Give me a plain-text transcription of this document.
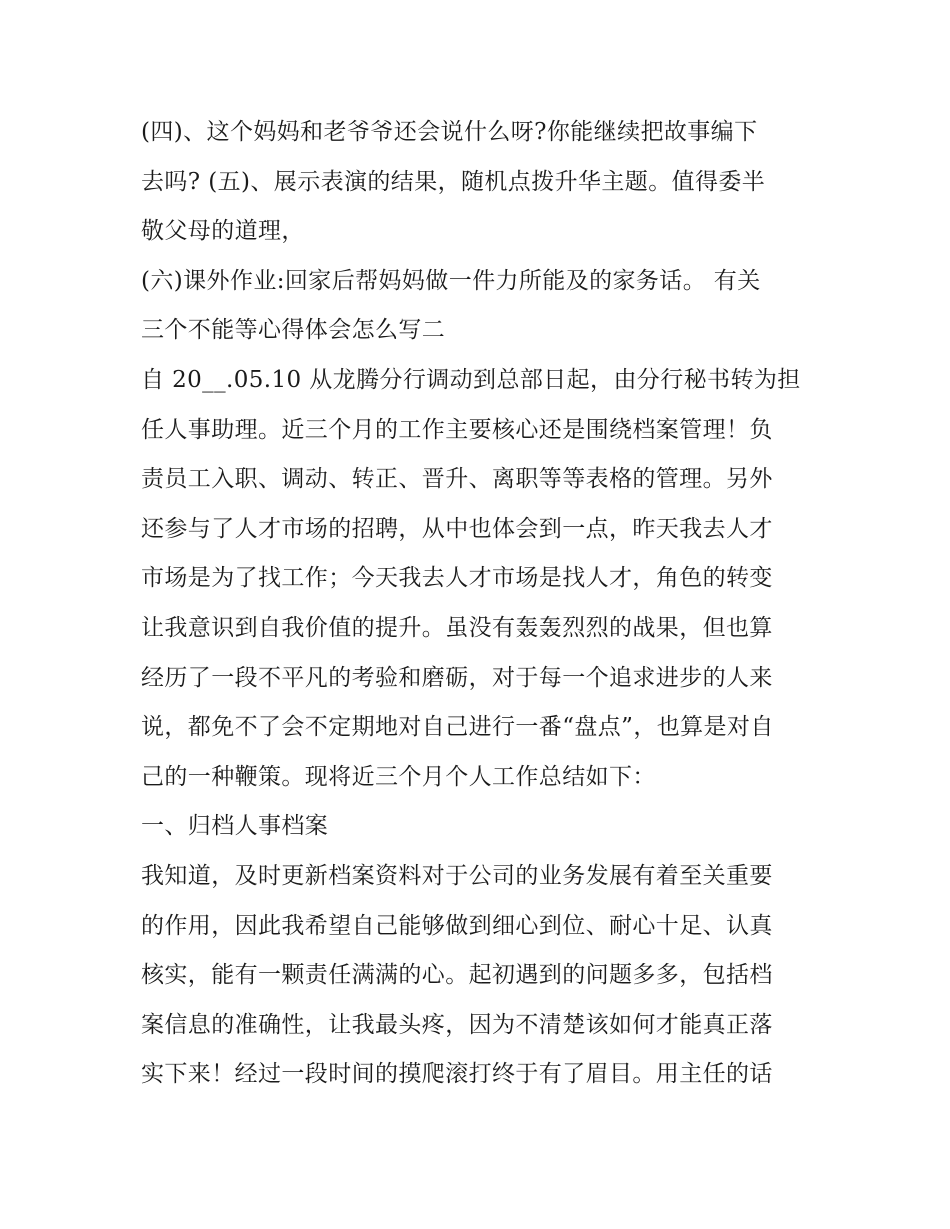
(四)、这个妈妈和老爷爷还会说什么呀?你能继续把故事编下
去吗? (五)、展示表演的结果，随机点拨升华主题。值得委半
敬父母的道理，
(六)课外作业:回家后帮妈妈做一件力所能及的家务话。 有关
三个不能等心得体会怎么写二
自 20__.05.10 从龙腾分行调动到总部日起，由分行秘书转为担
任人事助理。近三个月的工作主要核心还是围绕档案管理！负
责员工入职、调动、转正、晋升、离职等等表格的管理。另外
还参与了人才市场的招聘，从中也体会到一点，昨天我去人才
市场是为了找工作；今天我去人才市场是找人才，角色的转变
让我意识到自我价值的提升。虽没有轰轰烈烈的战果，但也算
经历了一段不平凡的考验和磨砺，对于每一个追求进步的人来
说，都免不了会不定期地对自己进行一番“盘点”，也算是对自
己的一种鞭策。现将近三个月个人工作总结如下：
一、归档人事档案
我知道，及时更新档案资料对于公司的业务发展有着至关重要
的作用，因此我希望自己能够做到细心到位、耐心十足、认真
核实，能有一颗责任满满的心。起初遇到的问题多多，包括档
案信息的准确性，让我最头疼，因为不清楚该如何才能真正落
实下来！经过一段时间的摸爬滚打终于有了眉目。用主任的话
